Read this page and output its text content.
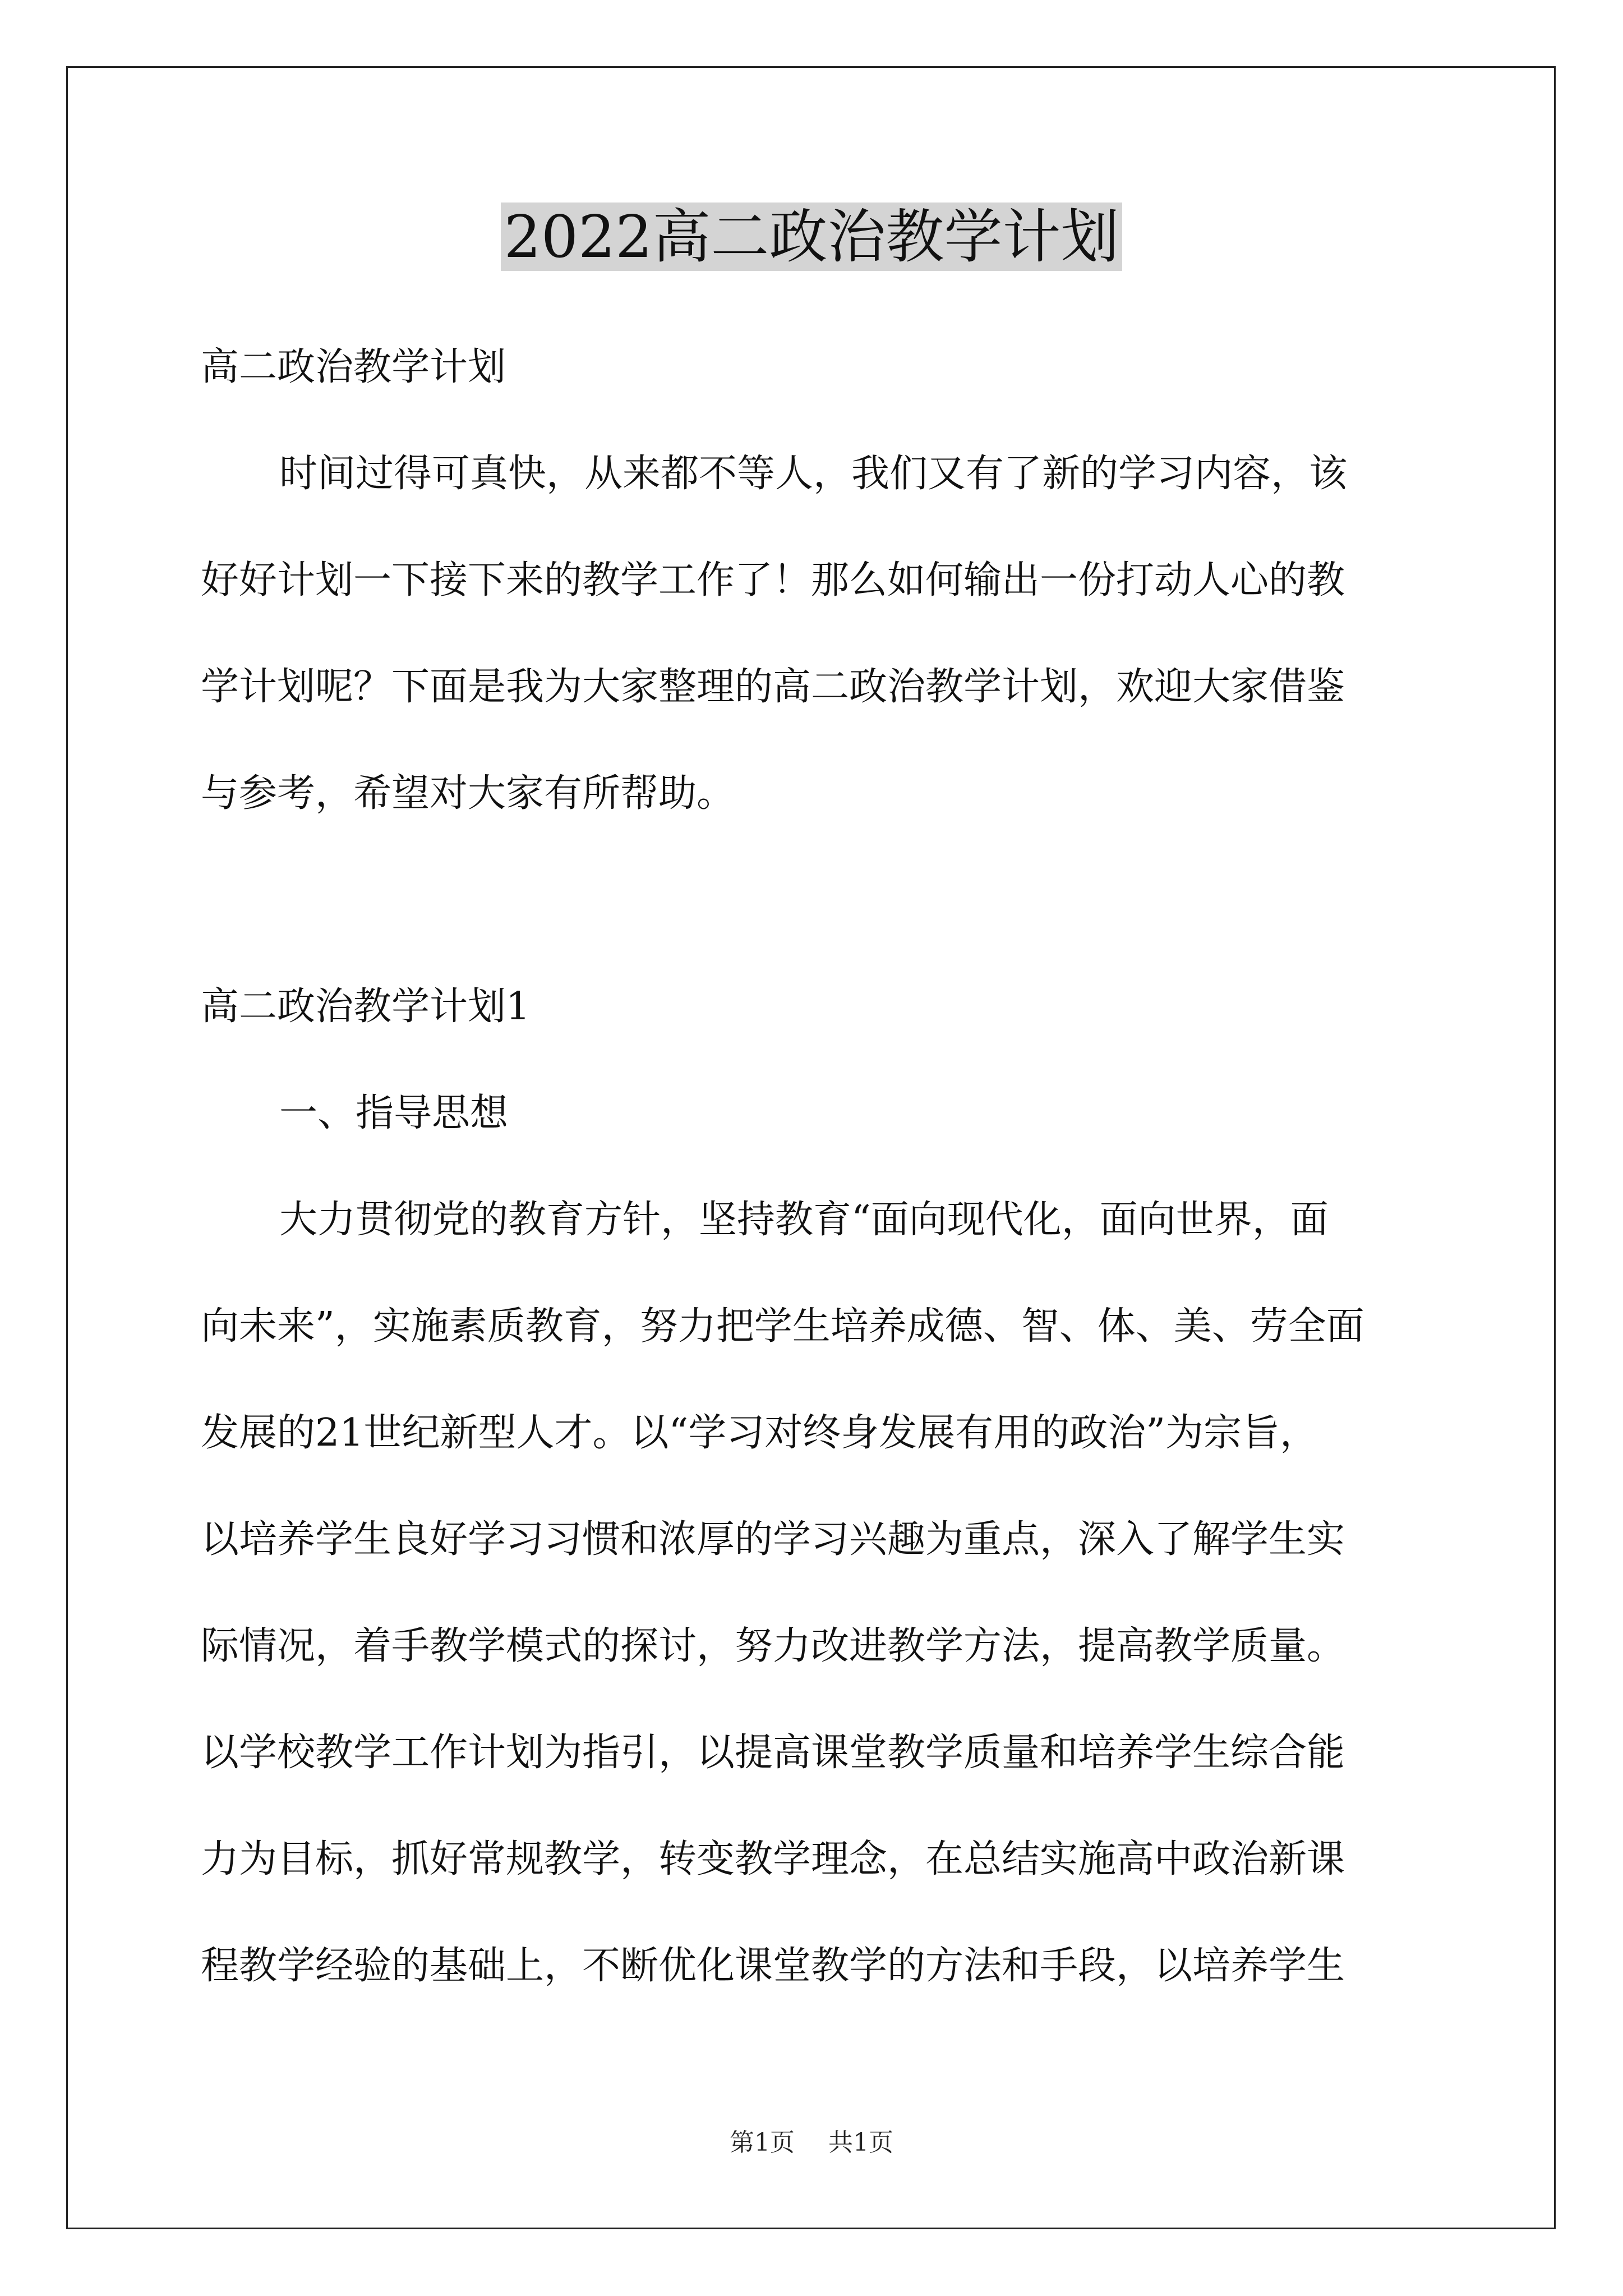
2022高二政治教学计划
高二政治教学计划
时间过得可真快，从来都不等人，我们又有了新的学习内容，该
好好计划一下接下来的教学工作了！那么如何输出一份打动人心的教
学计划呢？下面是我为大家整理的高二政治教学计划，欢迎大家借鉴
与参考，希望对大家有所帮助。
高二政治教学计划1
一、指导思想
大力贯彻党的教育方针，坚持教育“面向现代化，面向世界，面
向未来”，实施素质教育，努力把学生培养成德、智、体、美、劳全面
发展的21世纪新型人才。以“学习对终身发展有用的政治”为宗旨，
以培养学生良好学习习惯和浓厚的学习兴趣为重点，深入了解学生实
际情况，着手教学模式的探讨，努力改进教学方法，提高教学质量。
以学校教学工作计划为指引，以提高课堂教学质量和培养学生综合能
力为目标，抓好常规教学，转变教学理念，在总结实施高中政治新课
程教学经验的基础上，不断优化课堂教学的方法和手段，以培养学生
第1页 共1页
